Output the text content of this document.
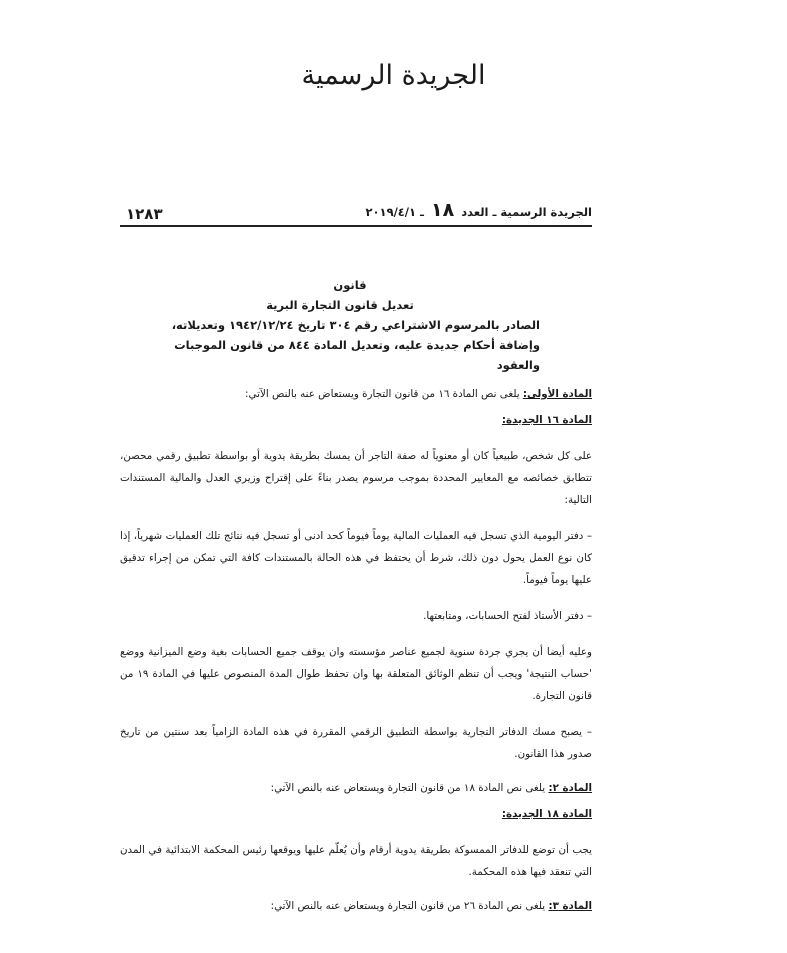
الجريدة الرسمية
الجريدة الرسمية ـ العدد ١٨ ـ ٢٠١٩/٤/١
١٢٨٣
قانون
تعديل قانون التجارة البرية
الصادر بالمرسوم الاشتراعي رقم ٣٠٤ تاريخ ١٩٤٢/١٢/٢٤ وتعديلاته،
وإضافة أحكام جديدة عليه، وتعديل المادة ٨٤٤ من قانون الموجبات والعقود

المادة الأولى: يلغى نص المادة ١٦ من قانون التجارة ويستعاض عنه بالنص الآتي:

المادة ١٦ الجديدة:

على كل شخص، طبيعياً كان أو معنوياً له صفة التاجر أن يمسك بطريقة يدوية أو بواسطة تطبيق رقمي محصن، تتطابق خصائصه مع المعايير المحددة بموجب مرسوم يصدر بناءً على إقتراح وزيري العدل والمالية المستندات التالية:

– دفتر اليومية الذي تسجل فيه العمليات المالية يوماً فيوماً كحد ادنى أو تسجل فيه نتائج تلك العمليات شهرياً، إذا كان نوع العمل يحول دون ذلك، شرط أن يحتفظ في هذه الحالة بالمستندات كافة التي تمكن من إجراء تدقيق عليها يوماً فيوماً.

– دفتر الأستاذ لفتح الحسابات، ومتابعتها.

وعليه أيضا أن يجري جردة سنوية لجميع عناصر مؤسسته وان يوقف جميع الحسابات بغية وضع الميزانية ووضع 'حساب النتيجة' ويجب أن تنظم الوثائق المتعلقة بها وان تحفظ طوال المدة المنصوص عليها في المادة ١٩ من قانون التجارة.

– يصبح مسك الدفاتر التجارية بواسطة التطبيق الرقمي المقررة في هذه المادة الزامياً بعد سنتين من تاريخ صدور هذا القانون.

المادة ٢: يلغى نص المادة ١٨ من قانون التجارة ويستعاض عنه بالنص الآتي:

المادة ١٨ الجديدة:

يجب أن توضع للدفاتر الممسوكة بطريقة يدوية أرقام وأن يُعلّم عليها ويوقعها رئيس المحكمة الابتدائية في المدن التي تنعقد فيها هذه المحكمة.

المادة ٣: يلغى نص المادة ٢٦ من قانون التجارة ويستعاض عنه بالنص الآتي:
